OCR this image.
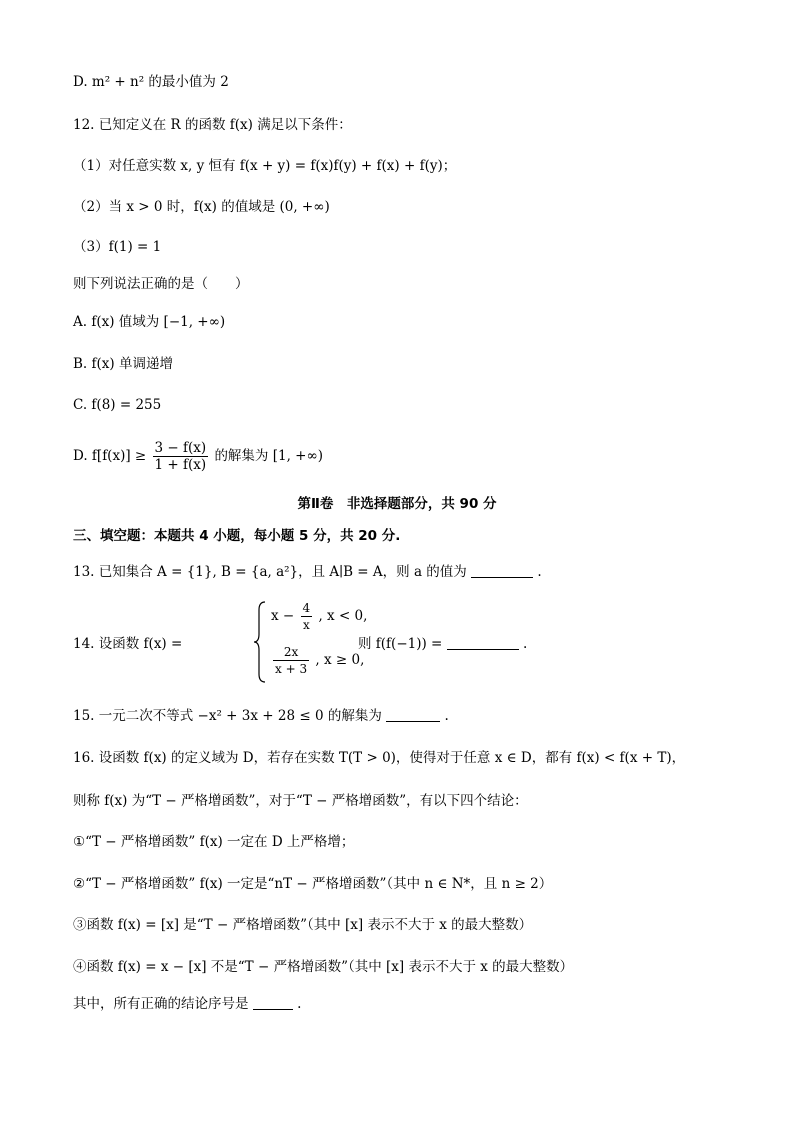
D. m² + n² 的最小值为 2
12. 已知定义在 R 的函数 f(x) 满足以下条件：
（1）对任意实数 x, y 恒有 f(x + y) = f(x)f(y) + f(x) + f(y)；
（2）当 x > 0 时，f(x) 的值域是 (0, +∞)
（3）f(1) = 1
则下列说法正确的是（　　）
A. f(x) 值域为 [−1, +∞)
B. f(x) 单调递增
C. f(8) = 255
D. $f[f(x)] \ge \frac{3 - f(x)}{1 + f(x)}$ 的解集为 [1, +∞)
第Ⅱ卷　非选择题部分，共 90 分
三、填空题：本题共 4 小题，每小题 5 分，共 20 分.
13. 已知集合 A = {1}, B = {a, a²}，且 A∣B = A，则 a 的值为	.
14. 设函数 f(x) =
$x - \frac{4}{x}$ , x < 0,
$\frac{2x}{x + 3}$ , x ≥ 0,
则 f(f(−1)) =	.
15. 一元二次不等式 −x² + 3x + 28 ≤ 0 的解集为	.
16. 设函数 f(x) 的定义域为 D，若存在实数 T(T > 0)，使得对于任意 x ∈ D，都有 f(x) < f(x + T)，
则称 f(x) 为“T − 严格增函数”，对于“T − 严格增函数”，有以下四个结论：
①“T − 严格增函数” f(x) 一定在 D 上严格增；
②“T − 严格增函数” f(x) 一定是“nT − 严格增函数”（其中 n ∈ N*，且 n ≥ 2）
③函数 f(x) = [x] 是“T − 严格增函数”（其中 [x] 表示不大于 x 的最大整数）
④函数 f(x) = x − [x] 不是“T − 严格增函数”（其中 [x] 表示不大于 x 的最大整数）
其中，所有正确的结论序号是	.
